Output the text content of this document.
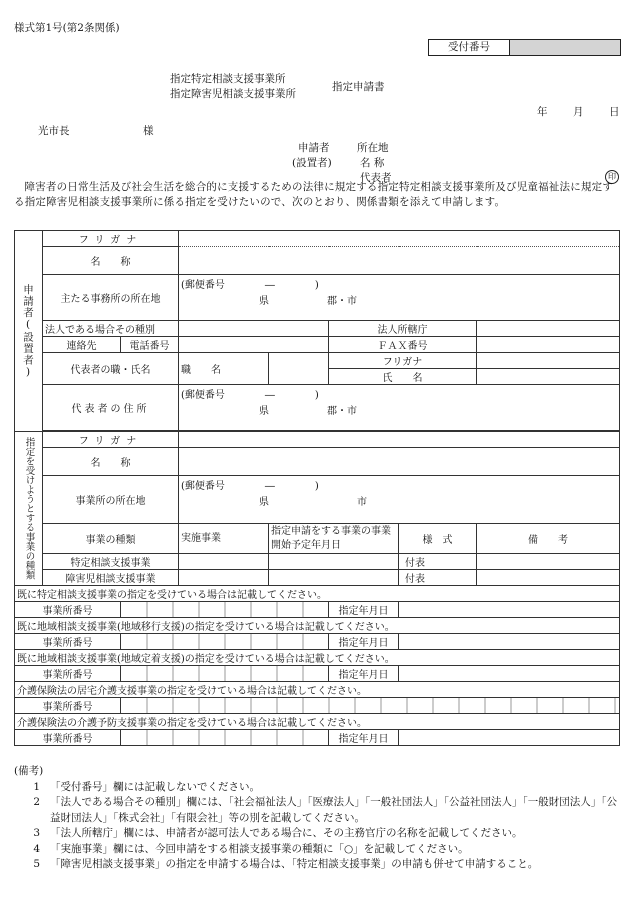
様式第1号(第2条関係)
受付番号
指定特定相談支援事業所
指定障害児相談支援事業所
指定申請書
年 月 日
光市長	様
申請者
(設置者)
所在地
名 称
代表者	印
障害者の日常生活及び社会生活を総合的に支援するための法律に規定する指定特定相談支援事業所及び児童福祉法に規定する指定障害児相談支援事業所に係る指定を受けたいので、次のとおり、関係書類を添えて申請します。
申請者(設置者)	フリガナ						
	名　　称						
	主たる事務所の所在地		(郵便番号　　　　―　　　　)
県 郡・市				

	法人である場合その種別				法人所轄庁		
	連絡先	電話番号			ＦＡＸ番号		
	代表者の職・氏名		職　　名		フリガナ		
					氏　　名		
	代表者の住所		(郵便番号　　　　―　　　　)
県 郡・市				

指定を受けようとする事業の種類	フリガナ						
	名　　称						
	事業所の所在地		(郵便番号　　　　―　　　　)
県 市				

	事業の種類		実施事業	指定申請をする事業の事業開始予定年月日		様　式	備　　考
	特定相談支援事業					付表	
	障害児相談支援事業					付表	
既に特定相談支援事業の指定を受けている場合は記載してください。							
事業所番号					指定年月日		
既に地域相談支援事業(地域移行支援)の指定を受けている場合は記載してください。							
事業所番号					指定年月日		
既に地域相談支援事業(地域定着支援)の指定を受けている場合は記載してください。							
事業所番号					指定年月日		
介護保険法の居宅介護支援事業の指定を受けている場合は記載してください。							
事業所番号							
介護保険法の介護予防支援事業の指定を受けている場合は記載してください。							
事業所番号					指定年月日		
(備考)
1 「受付番号」欄には記載しないでください。
2 「法人である場合その種別」欄には、「社会福祉法人」「医療法人」「一般社団法人」「公益社団法人」「一般財団法人」「公益財団法人」「株式会社」「有限会社」等の別を記載してください。
3 「法人所轄庁」欄には、申請者が認可法人である場合に、その主務官庁の名称を記載してください。
4 「実施事業」欄には、今回申請をする相談支援事業の種類に「○」を記載してください。
5 「障害児相談支援事業」の指定を申請する場合は、「特定相談支援事業」の申請も併せて申請すること。
